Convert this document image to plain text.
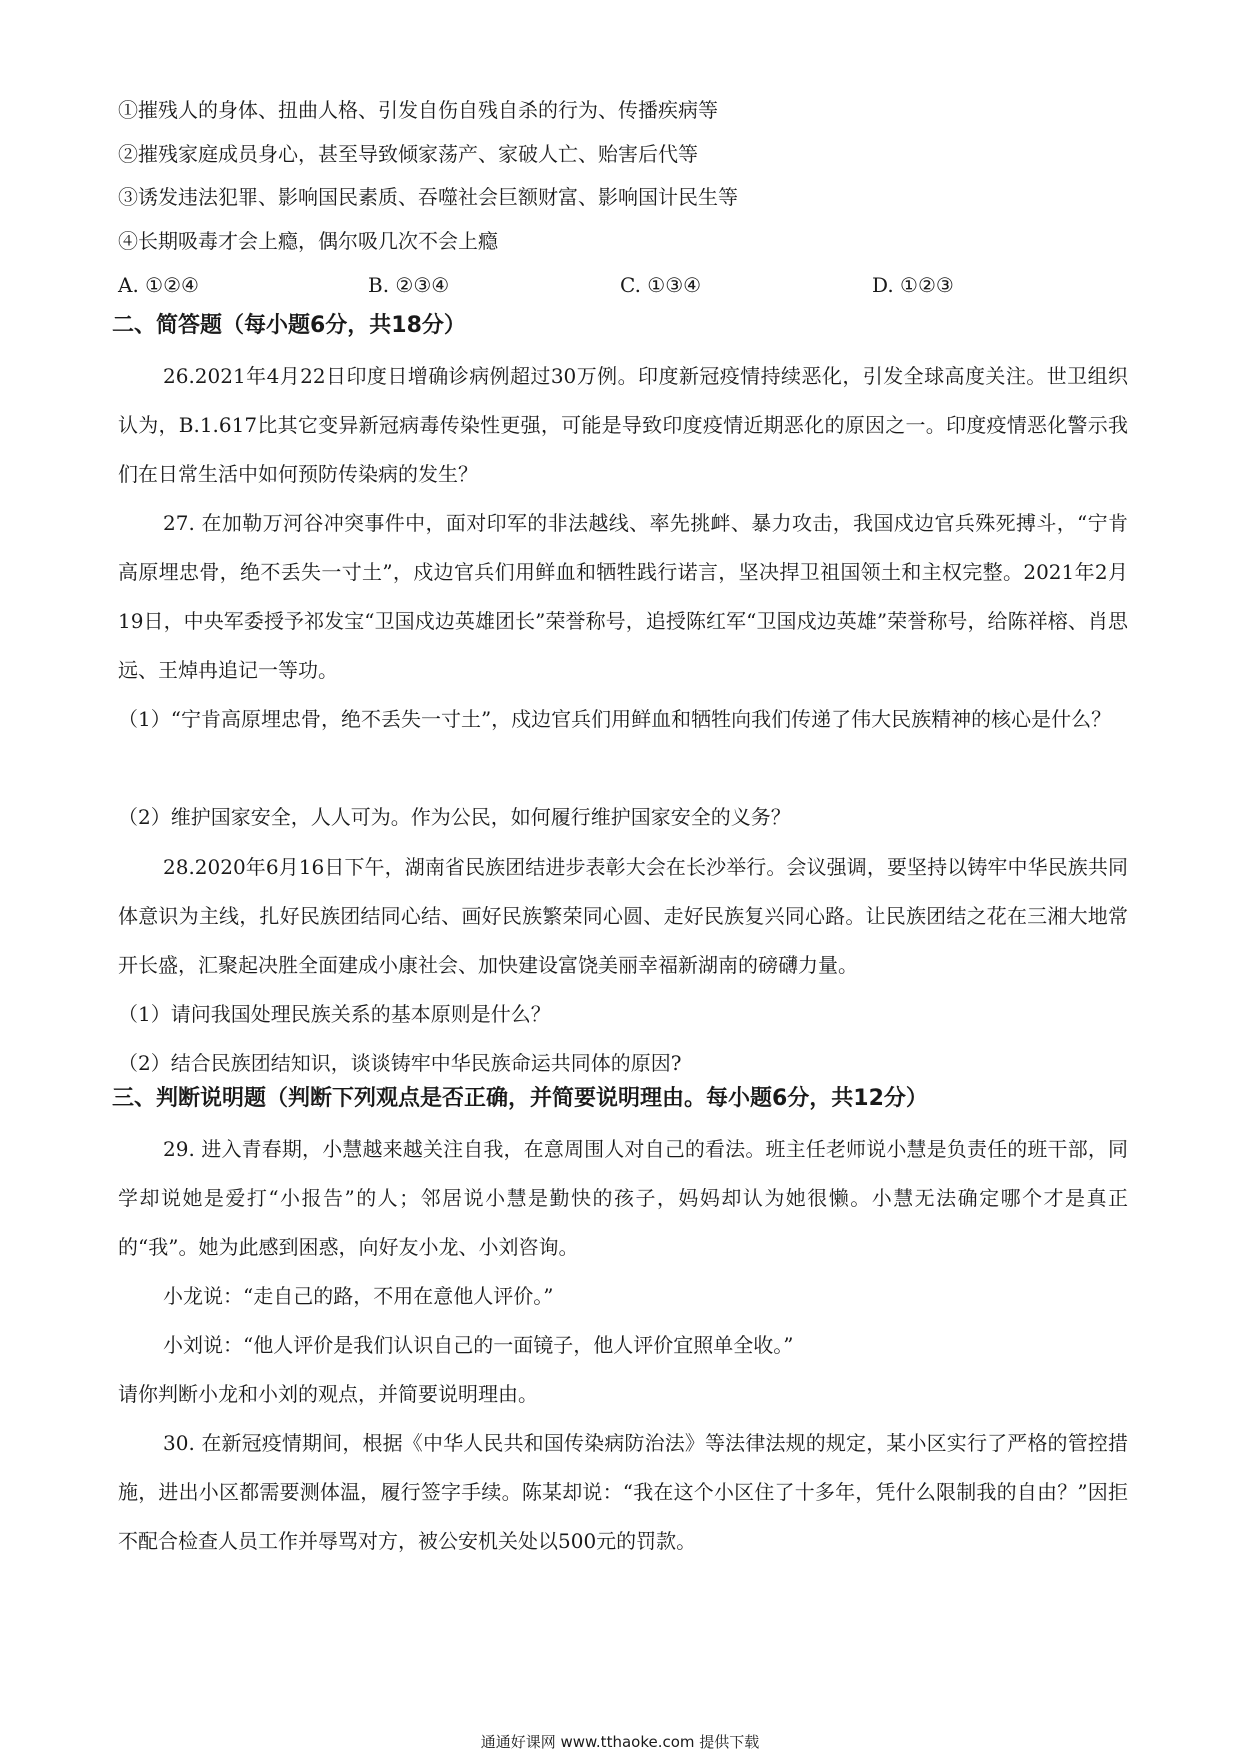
①摧残人的身体、扭曲人格、引发自伤自残自杀的行为、传播疾病等
②摧残家庭成员身心，甚至导致倾家荡产、家破人亡、贻害后代等
③诱发违法犯罪、影响国民素质、吞噬社会巨额财富、影响国计民生等
④长期吸毒才会上瘾，偶尔吸几次不会上瘾
A. ①②④	B. ②③④	C. ①③④	D. ①②③
二、简答题（每小题6分，共18分）
26.2021年4月22日印度日增确诊病例超过30万例。印度新冠疫情持续恶化，引发全球高度关注。世卫组织认为，B.1.617比其它变异新冠病毒传染性更强，可能是导致印度疫情近期恶化的原因之一。印度疫情恶化警示我们在日常生活中如何预防传染病的发生？
27. 在加勒万河谷冲突事件中，面对印军的非法越线、率先挑衅、暴力攻击，我国戍边官兵殊死搏斗，“宁肯高原埋忠骨，绝不丢失一寸土”，戍边官兵们用鲜血和牺牲践行诺言，坚决捍卫祖国领土和主权完整。2021年2月19日，中央军委授予祁发宝“卫国戍边英雄团长”荣誉称号，追授陈红军“卫国戍边英雄”荣誉称号，给陈祥榕、肖思远、王焯冉追记一等功。
（1）“宁肯高原埋忠骨，绝不丢失一寸土”，戍边官兵们用鲜血和牺牲向我们传递了伟大民族精神的核心是什么？
（2）维护国家安全，人人可为。作为公民，如何履行维护国家安全的义务？
28.2020年6月16日下午，湖南省民族团结进步表彰大会在长沙举行。会议强调，要坚持以铸牢中华民族共同体意识为主线，扎好民族团结同心结、画好民族繁荣同心圆、走好民族复兴同心路。让民族团结之花在三湘大地常开长盛，汇聚起决胜全面建成小康社会、加快建设富饶美丽幸福新湖南的磅礴力量。
（1）请问我国处理民族关系的基本原则是什么？
（2）结合民族团结知识，谈谈铸牢中华民族命运共同体的原因?
三、判断说明题（判断下列观点是否正确，并简要说明理由。每小题6分，共12分）
29. 进入青春期，小慧越来越关注自我，在意周围人对自己的看法。班主任老师说小慧是负责任的班干部，同学却说她是爱打“小报告”的人；邻居说小慧是勤快的孩子，妈妈却认为她很懒。小慧无法确定哪个才是真正的“我”。她为此感到困惑，向好友小龙、小刘咨询。
小龙说：“走自己的路，不用在意他人评价。”
小刘说：“他人评价是我们认识自己的一面镜子，他人评价宜照单全收。”
请你判断小龙和小刘的观点，并简要说明理由。
30. 在新冠疫情期间，根据《中华人民共和国传染病防治法》等法律法规的规定，某小区实行了严格的管控措施，进出小区都需要测体温，履行签字手续。陈某却说：“我在这个小区住了十多年，凭什么限制我的自由？”因拒不配合检查人员工作并辱骂对方，被公安机关处以500元的罚款。
通通好课网 www.tthaoke.com 提供下载
